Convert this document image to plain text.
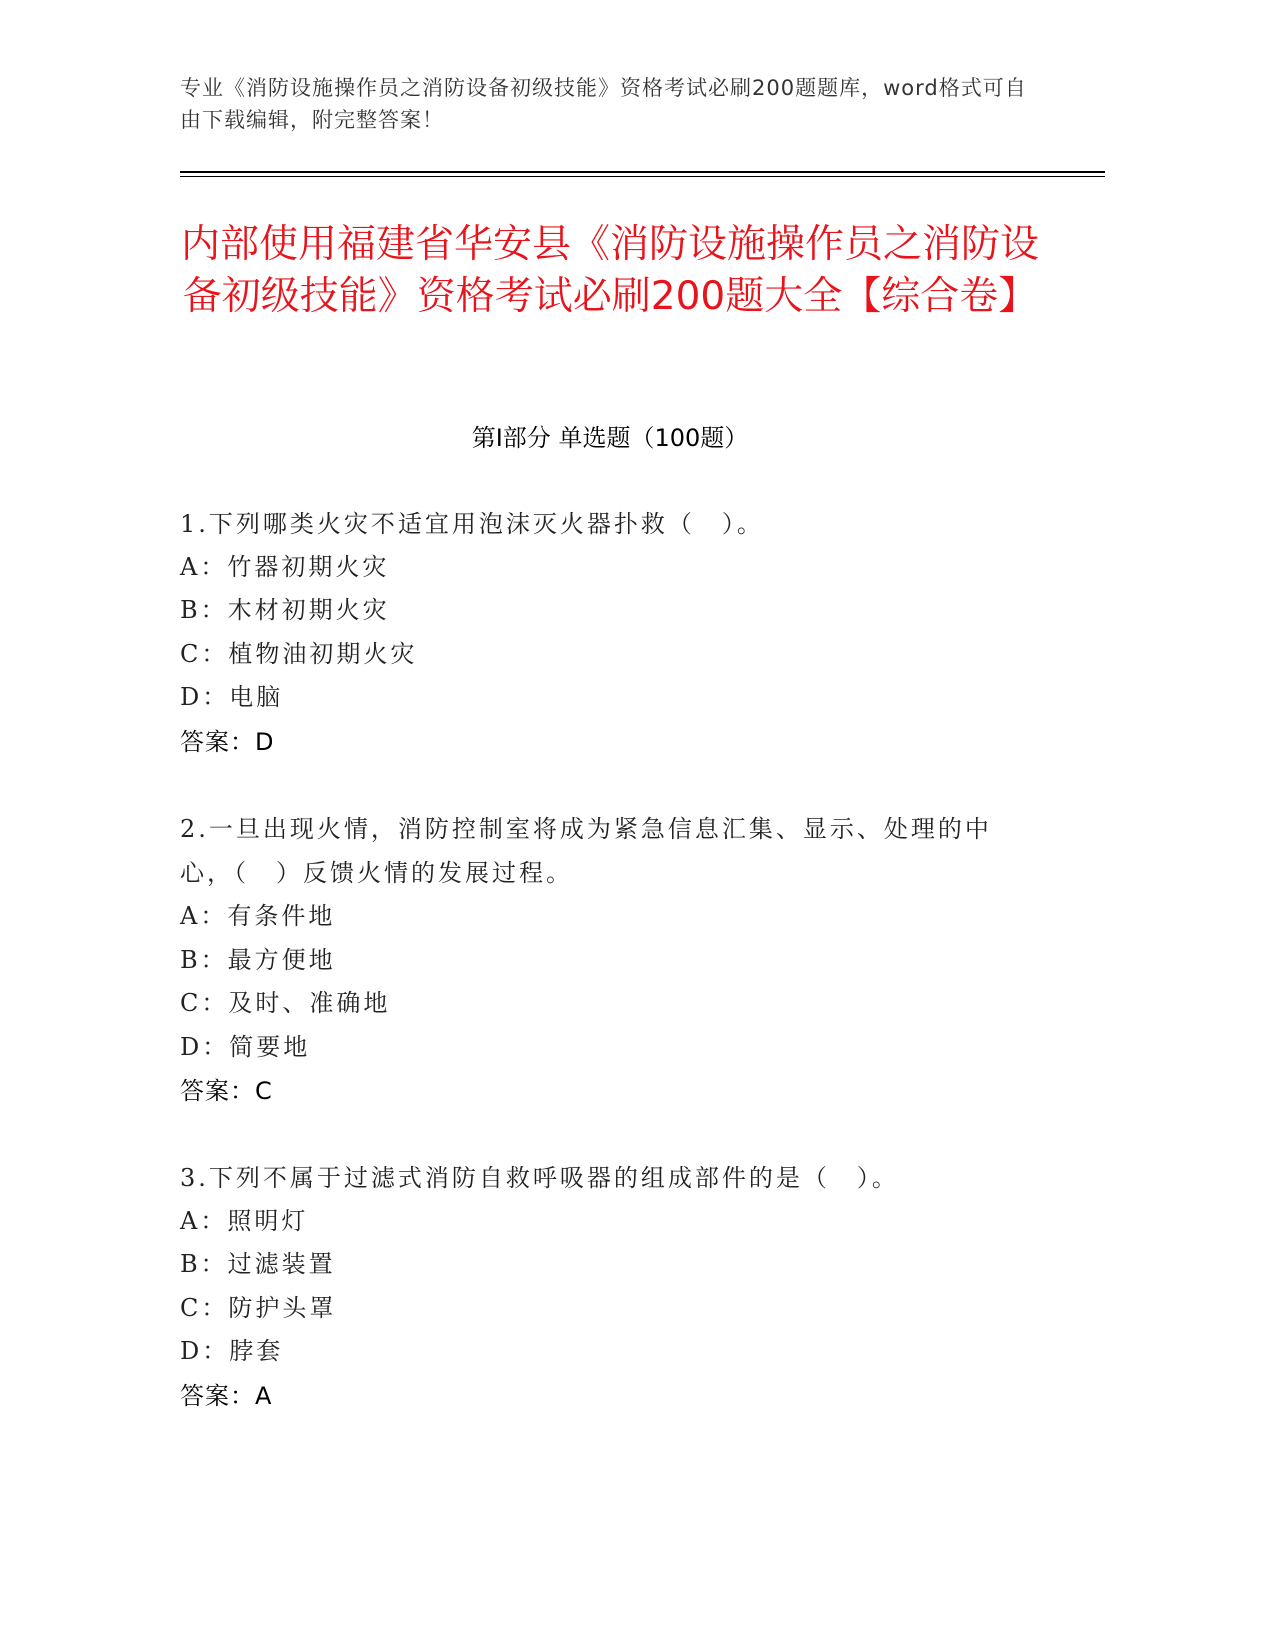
专业《消防设施操作员之消防设备初级技能》资格考试必刷200题题库，word格式可自由下载编辑，附完整答案！
内部使用福建省华安县《消防设施操作员之消防设备初级技能》资格考试必刷200题大全【综合卷】
第I部分 单选题（100题）
1.下列哪类火灾不适宜用泡沫灭火器扑救（　）。
A：竹器初期火灾
B：木材初期火灾
C：植物油初期火灾
D：电脑
答案：D
2.一旦出现火情，消防控制室将成为紧急信息汇集、显示、处理的中心，（　）反馈火情的发展过程。
A：有条件地
B：最方便地
C：及时、准确地
D：简要地
答案：C
3.下列不属于过滤式消防自救呼吸器的组成部件的是（　）。
A：照明灯
B：过滤装置
C：防护头罩
D：脖套
答案：A
